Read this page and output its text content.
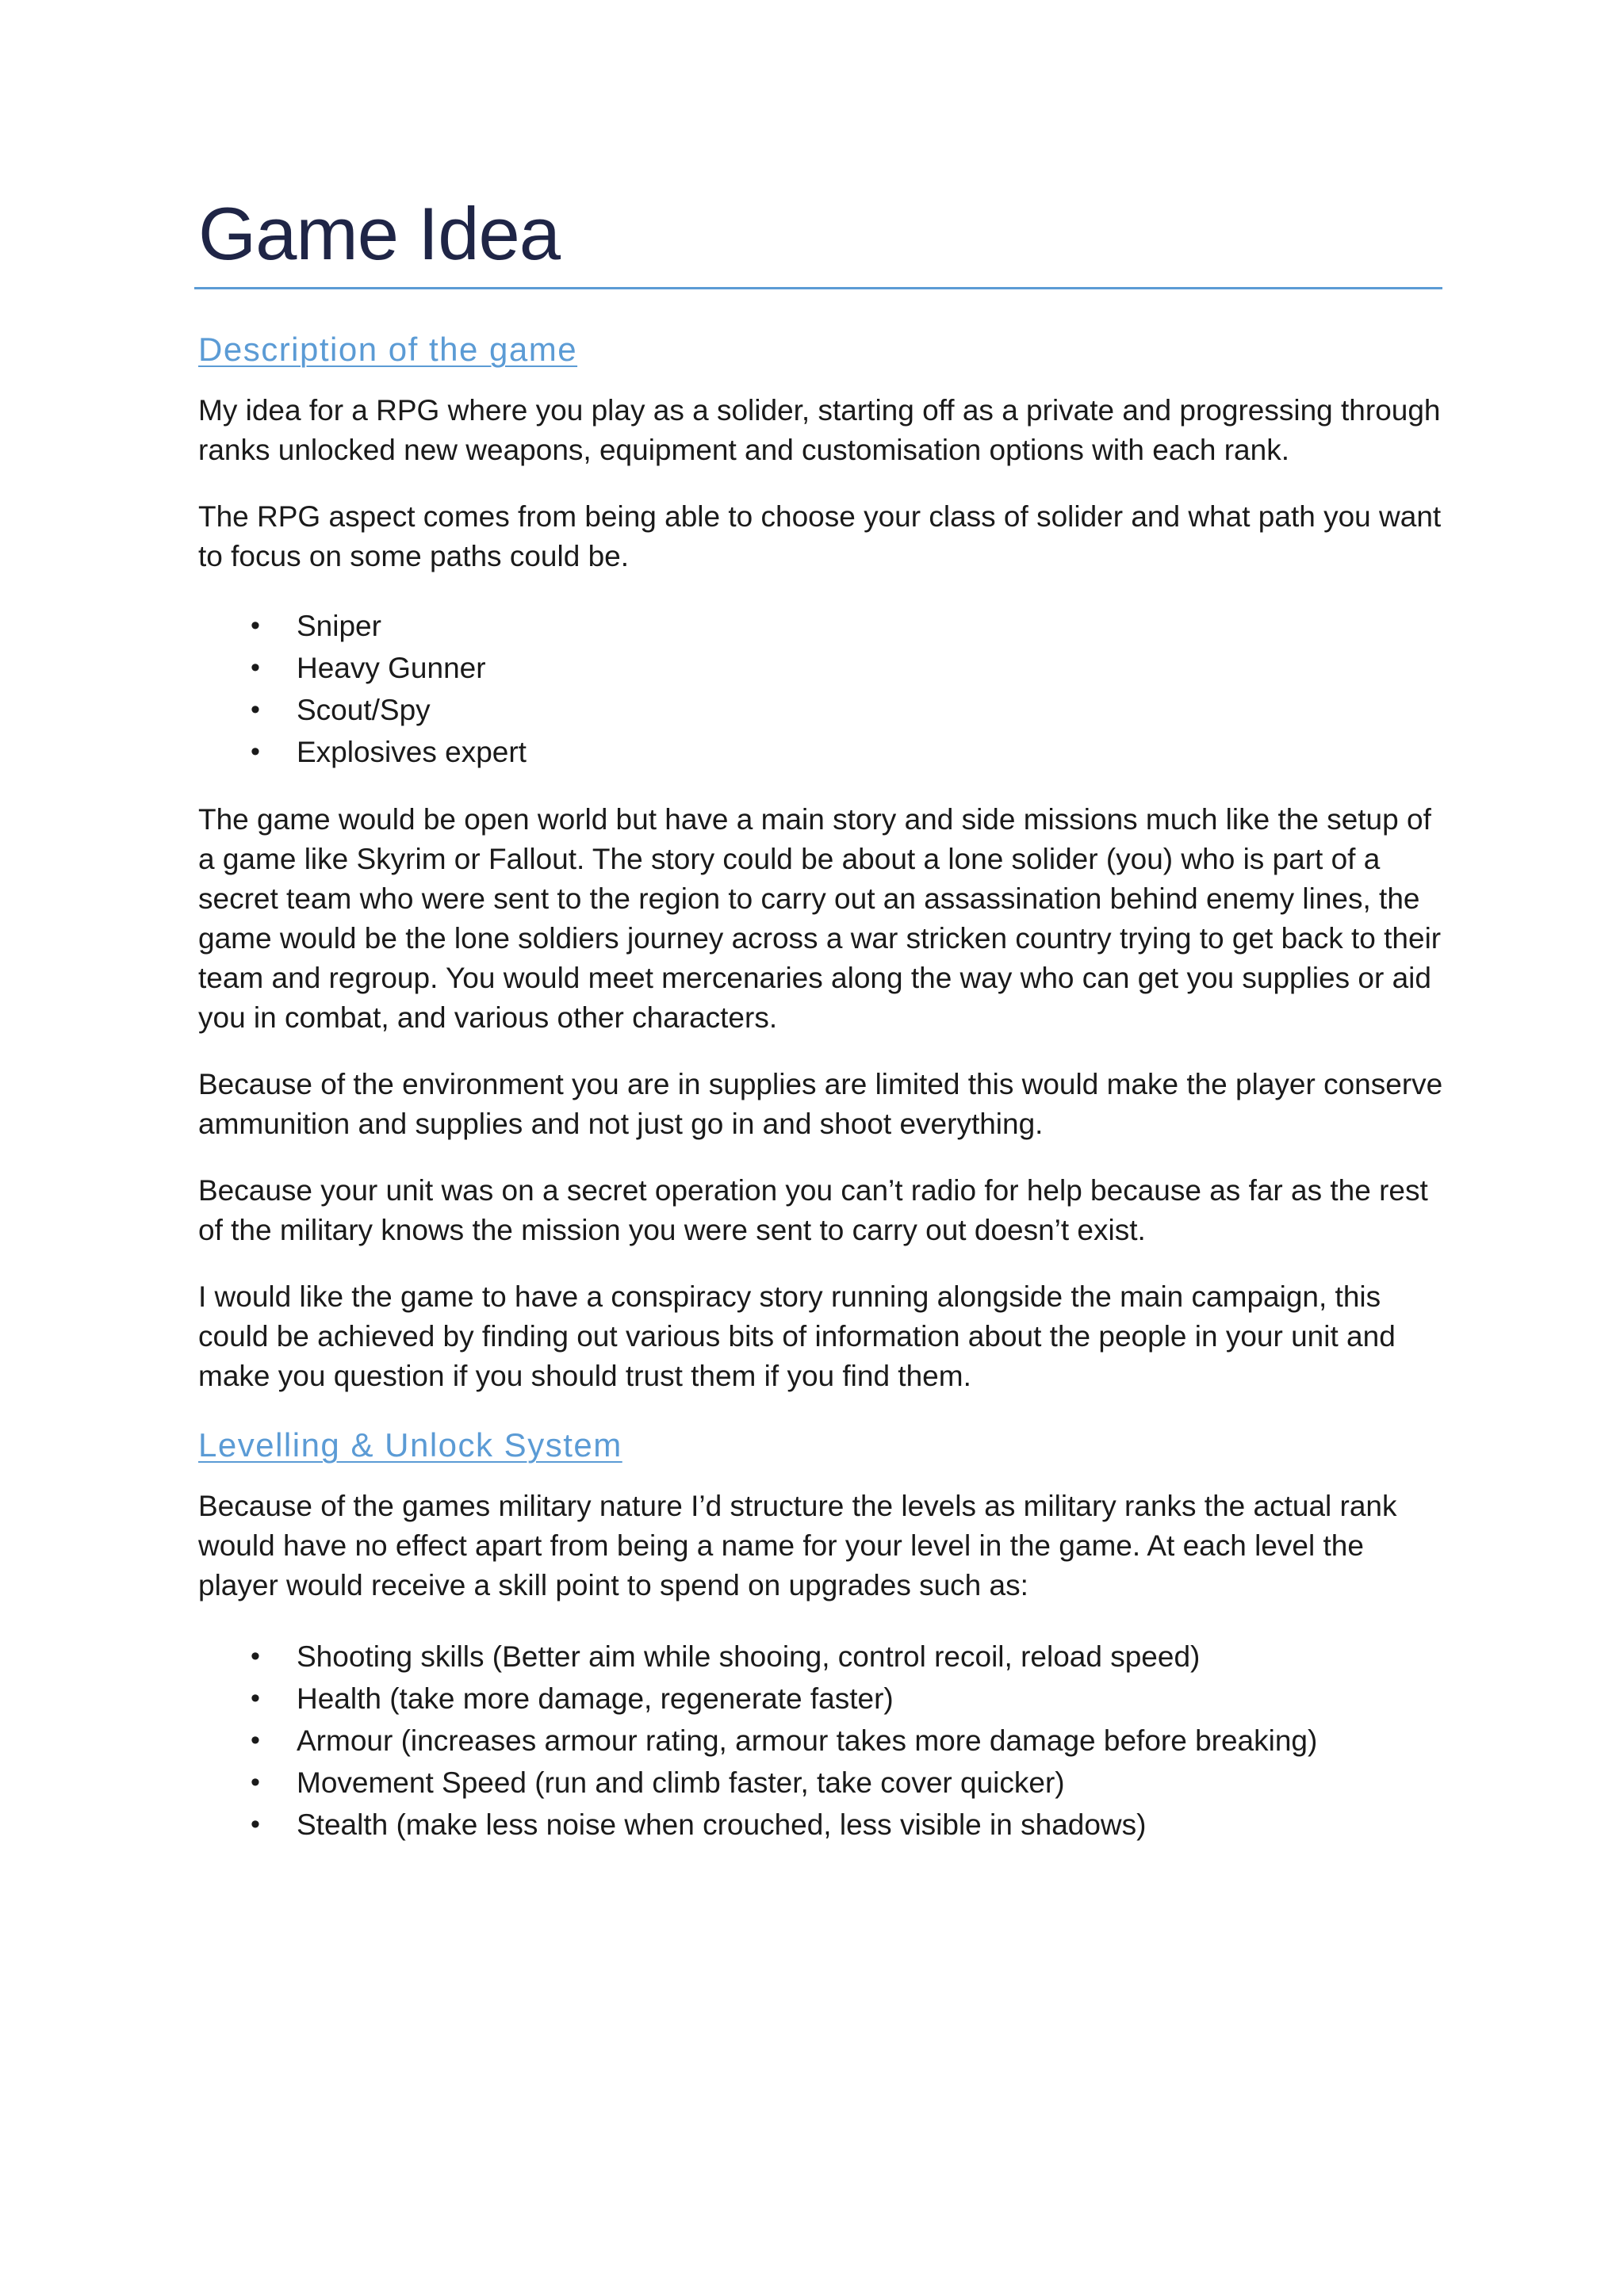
Game Idea
Description of the game

My idea for a RPG where you play as a solider, starting off as a private and progressing through ranks unlocked new weapons, equipment and customisation options with each rank.

The RPG aspect comes from being able to choose your class of solider and what path you want to focus on some paths could be.

• Sniper
• Heavy Gunner
• Scout/Spy
• Explosives expert

The game would be open world but have a main story and side missions much like the setup of a game like Skyrim or Fallout. The story could be about a lone solider (you) who is part of a secret team who were sent to the region to carry out an assassination behind enemy lines, the game would be the lone soldiers journey across a war stricken country trying to get back to their team and regroup. You would meet mercenaries along the way who can get you supplies or aid you in combat, and various other characters.

Because of the environment you are in supplies are limited this would make the player conserve ammunition and supplies and not just go in and shoot everything.

Because your unit was on a secret operation you can’t radio for help because as far as the rest of the military knows the mission you were sent to carry out doesn’t exist.

I would like the game to have a conspiracy story running alongside the main campaign, this could be achieved by finding out various bits of information about the people in your unit and make you question if you should trust them if you find them.

Levelling & Unlock System

Because of the games military nature I’d structure the levels as military ranks the actual rank would have no effect apart from being a name for your level in the game. At each level the player would receive a skill point to spend on upgrades such as:

• Shooting skills (Better aim while shooing, control recoil, reload speed)
• Health (take more damage, regenerate faster)
• Armour (increases armour rating, armour takes more damage before breaking)
• Movement Speed (run and climb faster, take cover quicker)
• Stealth (make less noise when crouched, less visible in shadows)
